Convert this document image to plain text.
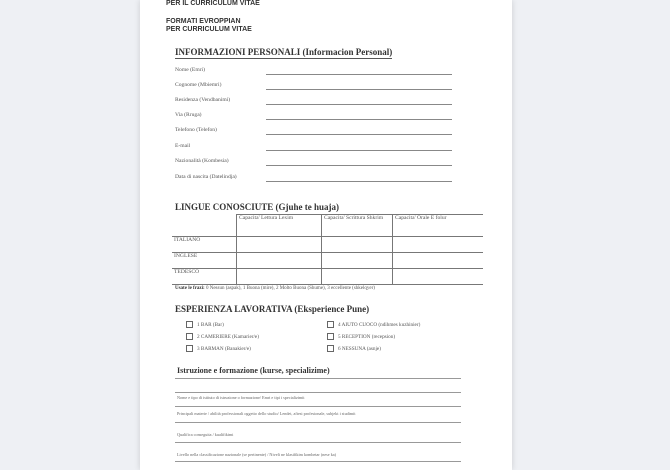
PER IL CURRICULUM VITAE
FORMATI EVROPPIAN
PER CURRICULUM VITAE
INFORMAZIONI PERSONALI (Informacion Personal)
Nome (Emri)
Cognome (Mbiemri)
Residenza (Vendbanimi)
Via (Rruga)
Telefono (Telefon)
E-mail
Nazionalità (Kombesia)
Data di nascita (Datelindja)
LINGUE CONOSCIUTE (Gjuhe te huaja)
	Capacita' Lettura Lexim	Capacita' Scrittura Shkrim	Capacita' Orale E folur
ITALIANO			
INGLESE			
TEDESCO			
Usate le frazi: 0 Nessun (aspak), 1 Buona (mire), 2 Molto Buona (Shume), 3 eccellente (shkelqyer)
ESPERIENZA LAVORATIVA (Eksperience Pune)
1 BAR (Bar)
2 CAMERIERE (Kamarier/e)
3 BARMAN (Banakier/e)
4 AIUTO CUOCO (ndihmes kuzhinier)
5 RECEPTION (recepsion)
6 NESSUNA (asnje)
Istruzione e formazione (kurse, specializime)
Nome e tipo di istituto di istruzione o formazione/ Emri e tipi i specializimit
Principali materie / abilità professionali oggetto dello studio/ Lendet, aftesi profesionale, subjekt i studimit
Qualifica conseguita / kualifikimi
Livello nella classificazione nazionale (se pertinente) / Niveli ne klasifikim kombetar (nese ka)
